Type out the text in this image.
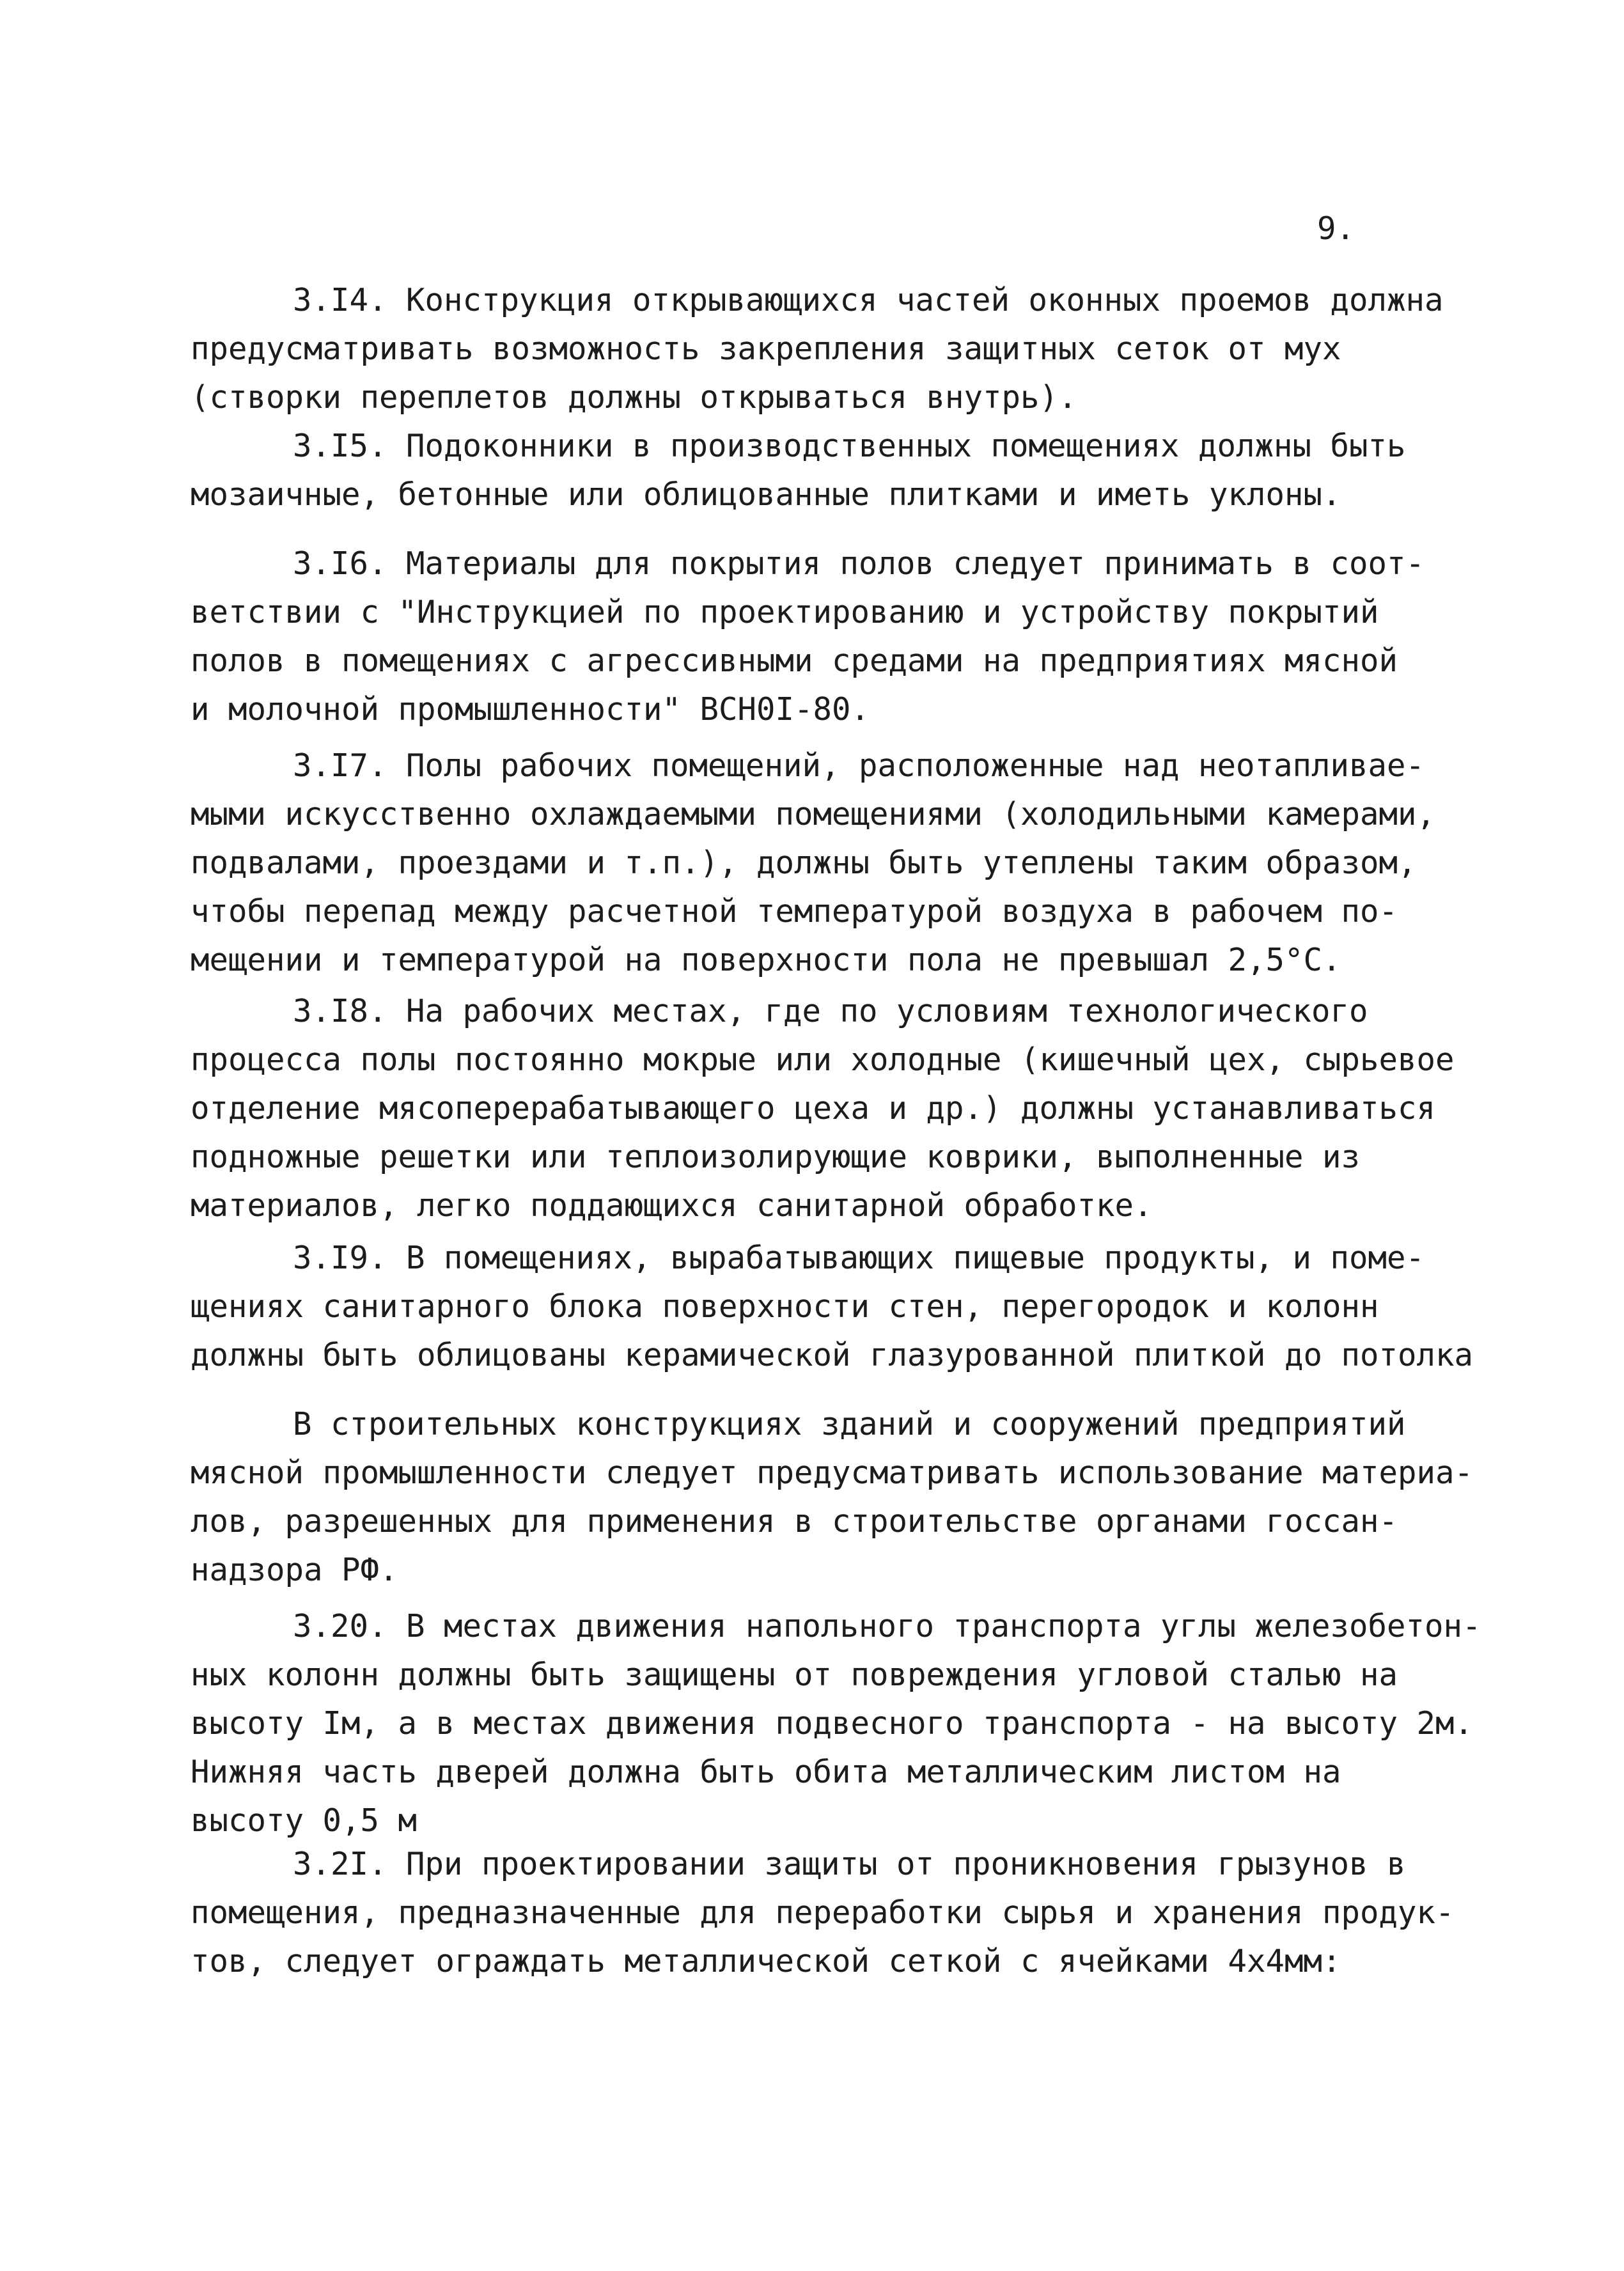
9.
3.I4. Конструкция открывающихся частей оконных проемов должна
предусматривать возможность закрепления защитных сеток от мух
(створки переплетов должны открываться внутрь).
3.I5. Подоконники в производственных помещениях должны быть
мозаичные, бетонные или облицованные плитками и иметь уклоны.
3.I6. Материалы для покрытия полов следует принимать в соот-
ветствии с "Инструкцией по проектированию и устройству покрытий
полов в помещениях с агрессивными средами на предприятиях мясной
и молочной промышленности" ВСН0I-80.
3.I7. Полы рабочих помещений, расположенные над неотапливае-
мыми искусственно охлаждаемыми помещениями (холодильными камерами,
подвалами, проездами и т.п.), должны быть утеплены таким образом,
чтобы перепад между расчетной температурой воздуха в рабочем по-
мещении и температурой на поверхности пола не превышал 2,5°С.
3.I8. На рабочих местах, где по условиям технологического
процесса полы постоянно мокрые или холодные (кишечный цех, сырьевое
отделение мясоперерабатывающего цеха и др.) должны устанавливаться
подножные решетки или теплоизолирующие коврики, выполненные из
материалов, легко поддающихся санитарной обработке.
3.I9. В помещениях, вырабатывающих пищевые продукты, и поме-
щениях санитарного блока поверхности стен, перегородок и колонн
должны быть облицованы керамической глазурованной плиткой до потолка
В строительных конструкциях зданий и сооружений предприятий
мясной промышленности следует предусматривать использование материа-
лов, разрешенных для применения в строительстве органами госсан-
надзора РФ.
3.20. В местах движения напольного транспорта углы железобетон-
ных колонн должны быть защищены от повреждения угловой сталью на
высоту Iм, а в местах движения подвесного транспорта - на высоту 2м.
Нижняя часть дверей должна быть обита металлическим листом на
высоту 0,5 м
3.2I. При проектировании защиты от проникновения грызунов в
помещения, предназначенные для переработки сырья и хранения продук-
тов, следует ограждать металлической сеткой с ячейками 4х4мм:
